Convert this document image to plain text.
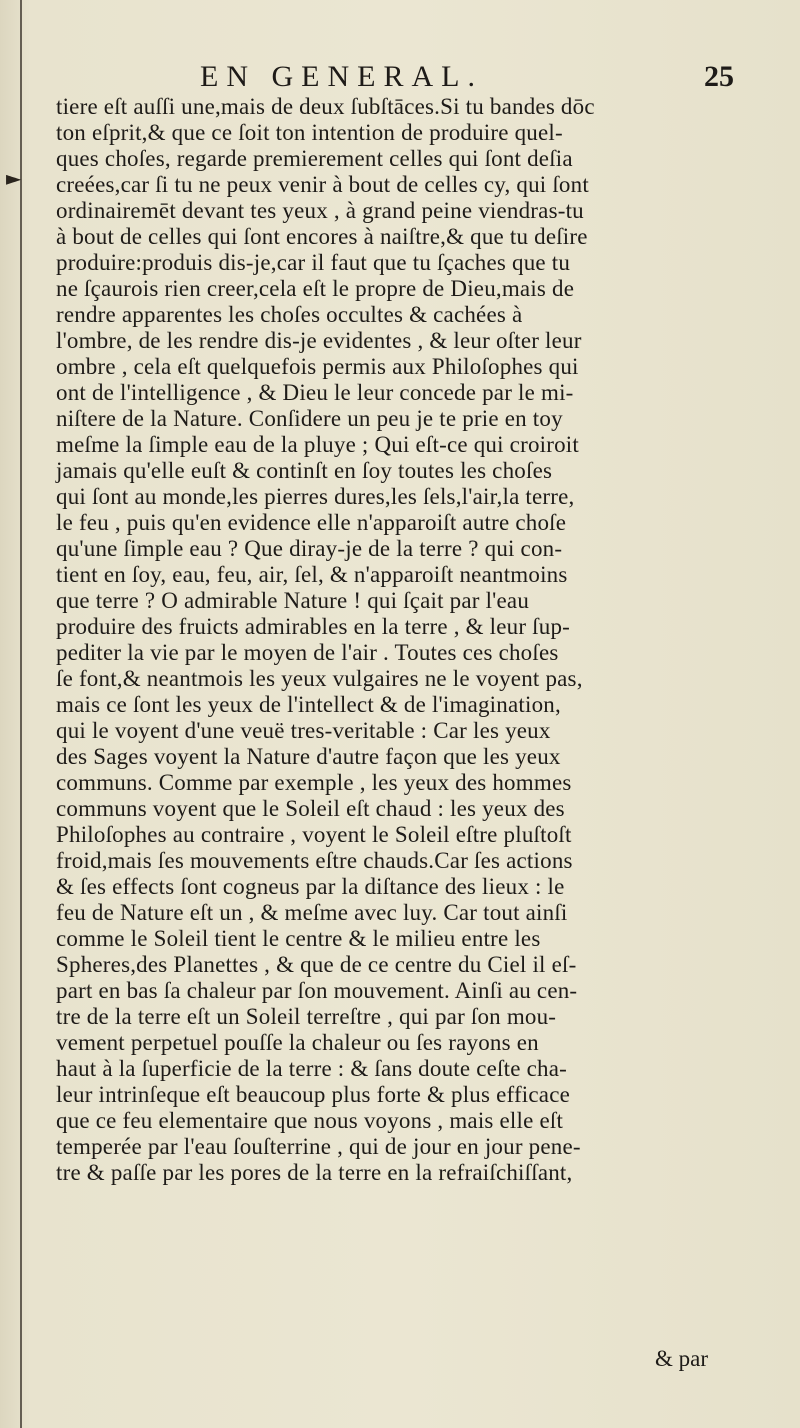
►
EN GENERAL.	25
tiere eſt auſſi une,mais de deux ſubſtāces.Si tu bandes dōc
ton eſprit,& que ce ſoit ton intention de produire quel-
ques choſes, regarde premierement celles qui ſont deſia
creées,car ſi tu ne peux venir à bout de celles cy, qui ſont
ordinairemēt devant tes yeux , à grand peine viendras-tu
à bout de celles qui ſont encores à naiſtre,& que tu deſire
produire:produis dis-je,car il faut que tu ſçaches que tu
ne ſçaurois rien creer,cela eſt le propre de Dieu,mais de
rendre apparentes les choſes occultes & cachées à
l'ombre, de les rendre dis-je evidentes , & leur oſter leur
ombre , cela eſt quelquefois permis aux Philoſophes qui
ont de l'intelligence , & Dieu le leur concede par le mi-
niſtere de la Nature. Conſidere un peu je te prie en toy
meſme la ſimple eau de la pluye ; Qui eſt-ce qui croiroit
jamais qu'elle euſt & continſt en ſoy toutes les choſes
qui ſont au monde,les pierres dures,les ſels,l'air,la terre,
le feu , puis qu'en evidence elle n'apparoiſt autre choſe
qu'une ſimple eau ? Que diray-je de la terre ? qui con-
tient en ſoy, eau, feu, air, ſel, & n'apparoiſt neantmoins
que terre ? O admirable Nature ! qui ſçait par l'eau
produire des fruicts admirables en la terre , & leur ſup-
pediter la vie par le moyen de l'air . Toutes ces choſes
ſe font,& neantmois les yeux vulgaires ne le voyent pas,
mais ce ſont les yeux de l'intellect & de l'imagination,
qui le voyent d'une veuë tres-veritable : Car les yeux
des Sages voyent la Nature d'autre façon que les yeux
communs. Comme par exemple , les yeux des hommes
communs voyent que le Soleil eſt chaud : les yeux des
Philoſophes au contraire , voyent le Soleil eſtre pluſtoſt
froid,mais ſes mouvements eſtre chauds.Car ſes actions
& ſes effects ſont cogneus par la diſtance des lieux : le
feu de Nature eſt un , & meſme avec luy. Car tout ainſi
comme le Soleil tient le centre & le milieu entre les
Spheres,des Planettes , & que de ce centre du Ciel il eſ-
part en bas ſa chaleur par ſon mouvement. Ainſi au cen-
tre de la terre eſt un Soleil terreſtre , qui par ſon mou-
vement perpetuel pouſſe la chaleur ou ſes rayons en
haut à la ſuperficie de la terre : & ſans doute ceſte cha-
leur intrinſeque eſt beaucoup plus forte & plus efficace
que ce feu elementaire que nous voyons , mais elle eſt
temperée par l'eau ſouſterrine , qui de jour en jour pene-
tre & paſſe par les pores de la terre en la refraiſchiſſant,
& par
